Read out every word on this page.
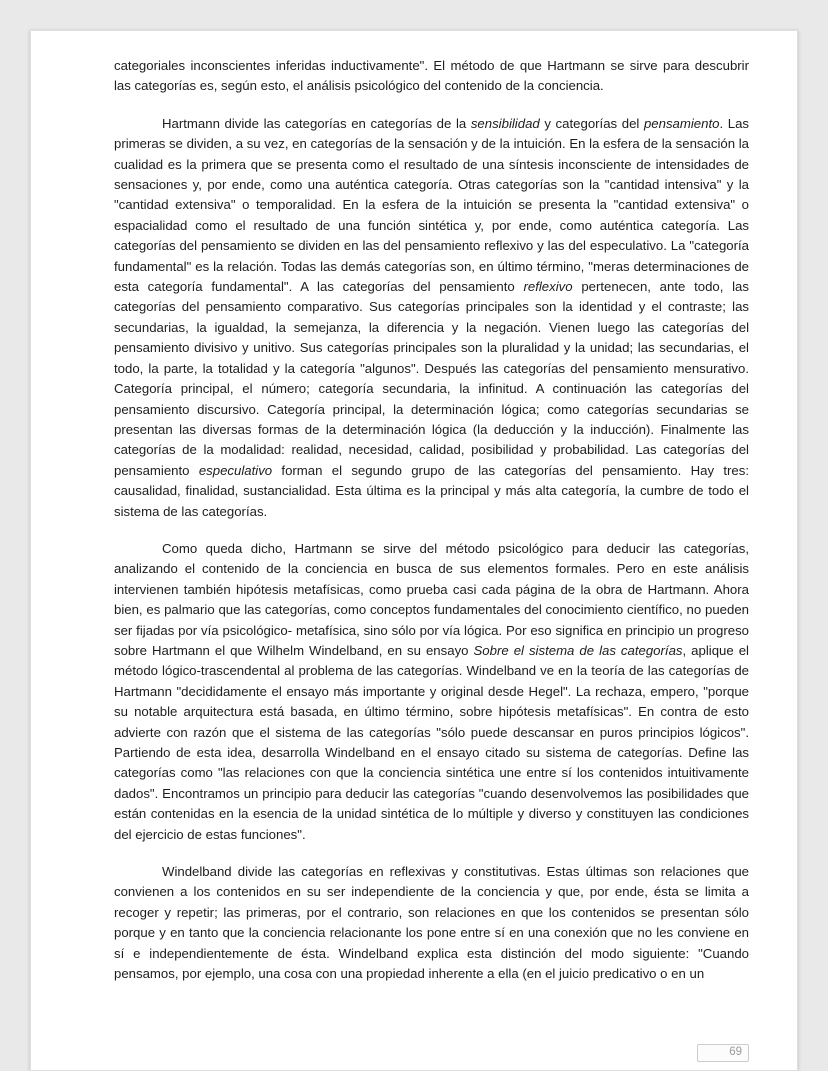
categoriales inconscientes inferidas inductivamente". El método de que Hartmann se sirve para descubrir las categorías es, según esto, el análisis psicológico del contenido de la conciencia.

Hartmann divide las categorías en categorías de la sensibilidad y categorías del pensamiento. Las primeras se dividen, a su vez, en categorías de la sensación y de la intuición. En la esfera de la sensación la cualidad es la primera que se presenta como el resultado de una síntesis inconsciente de intensidades de sensaciones y, por ende, como una auténtica categoría. Otras categorías son la "cantidad intensiva" y la "cantidad extensiva" o temporalidad. En la esfera de la intuición se presenta la "cantidad extensiva" o espacialidad como el resultado de una función sintética y, por ende, como auténtica categoría. Las categorías del pensamiento se dividen en las del pensamiento reflexivo y las del especulativo. La "categoría fundamental" es la relación. Todas las demás categorías son, en último término, "meras determinaciones de esta categoría fundamental". A las categorías del pensamiento reflexivo pertenecen, ante todo, las categorías del pensamiento comparativo. Sus categorías principales son la identidad y el contraste; las secundarias, la igualdad, la semejanza, la diferencia y la negación. Vienen luego las categorías del pensamiento divisivo y unitivo. Sus categorías principales son la pluralidad y la unidad; las secundarias, el todo, la parte, la totalidad y la categoría "algunos". Después las categorías del pensamiento mensurativo. Categoría principal, el número; categoría secundaria, la infinitud. A continuación las categorías del pensamiento discursivo. Categoría principal, la determinación lógica; como categorías secundarias se presentan las diversas formas de la determinación lógica (la deducción y la inducción). Finalmente las categorías de la modalidad: realidad, necesidad, calidad, posibilidad y probabilidad. Las categorías del pensamiento especulativo forman el segundo grupo de las categorías del pensamiento. Hay tres: causalidad, finalidad, sustancialidad. Esta última es la principal y más alta categoría, la cumbre de todo el sistema de las categorías.

Como queda dicho, Hartmann se sirve del método psicológico para deducir las categorías, analizando el contenido de la conciencia en busca de sus elementos formales. Pero en este análisis intervienen también hipótesis metafísicas, como prueba casi cada página de la obra de Hartmann. Ahora bien, es palmario que las categorías, como conceptos fundamentales del conocimiento científico, no pueden ser fijadas por vía psicológico- metafísica, sino sólo por vía lógica. Por eso significa en principio un progreso sobre Hartmann el que Wilhelm Windelband, en su ensayo Sobre el sistema de las categorías, aplique el método lógico-trascendental al problema de las categorías. Windelband ve en la teoría de las categorías de Hartmann "decididamente el ensayo más importante y original desde Hegel". La rechaza, empero, "porque su notable arquitectura está basada, en último término, sobre hipótesis metafísicas". En contra de esto advierte con razón que el sistema de las categorías "sólo puede descansar en puros principios lógicos". Partiendo de esta idea, desarrolla Windelband en el ensayo citado su sistema de categorías. Define las categorías como "las relaciones con que la conciencia sintética une entre sí los contenidos intuitivamente dados". Encontramos un principio para deducir las categorías "cuando desenvolvemos las posibilidades que están contenidas en la esencia de la unidad sintética de lo múltiple y diverso y constituyen las condiciones del ejercicio de estas funciones".

Windelband divide las categorías en reflexivas y constitutivas. Estas últimas son relaciones que convienen a los contenidos en su ser independiente de la conciencia y que, por ende, ésta se limita a recoger y repetir; las primeras, por el contrario, son relaciones en que los contenidos se presentan sólo porque y en tanto que la conciencia relacionante los pone entre sí en una conexión que no les conviene en sí e independientemente de ésta. Windelband explica esta distinción del modo siguiente: "Cuando pensamos, por ejemplo, una cosa con una propiedad inherente a ella (en el juicio predicativo o en un

69
